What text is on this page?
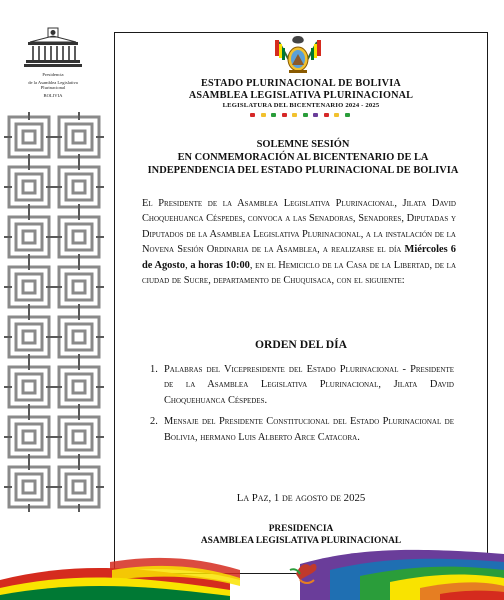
Presidencia
de la Asamblea Legislativa Plurinacional
BOLIVIA
ESTADO PLURINACIONAL DE BOLIVIA
ASAMBLEA LEGISLATIVA PLURINACIONAL
LEGISLATURA DEL BICENTENARIO 2024 - 2025
SOLEMNE SESIÓN
EN CONMEMORACIÓN AL BICENTENARIO DE LA
INDEPENDENCIA DEL ESTADO PLURINACIONAL DE BOLIVIA
El Presidente de la Asamblea Legislativa Plurinacional, Jilata David Choquehuanca Céspedes, convoca a las Senadoras, Senadores, Diputadas y Diputados de la Asamblea Legislativa Plurinacional, a la instalación de la Novena Sesión Ordinaria de la Asamblea, a realizarse el día Miércoles 6 de Agosto, a horas 10:00, en el Hemiciclo de la Casa de la Libertad, de la ciudad de Sucre, departamento de Chuquisaca, con el siguiente:
ORDEN DEL DÍA
1. Palabras del Vicepresidente del Estado Plurinacional - Presidente de la Asamblea Legislativa Plurinacional, Jilata David Choquehuanca Céspedes.
2. Mensaje del Presidente Constitucional del Estado Plurinacional de Bolivia, hermano Luis Alberto Arce Catacora.
La Paz, 1 de agosto de 2025
PRESIDENCIA
ASAMBLEA LEGISLATIVA PLURINACIONAL
